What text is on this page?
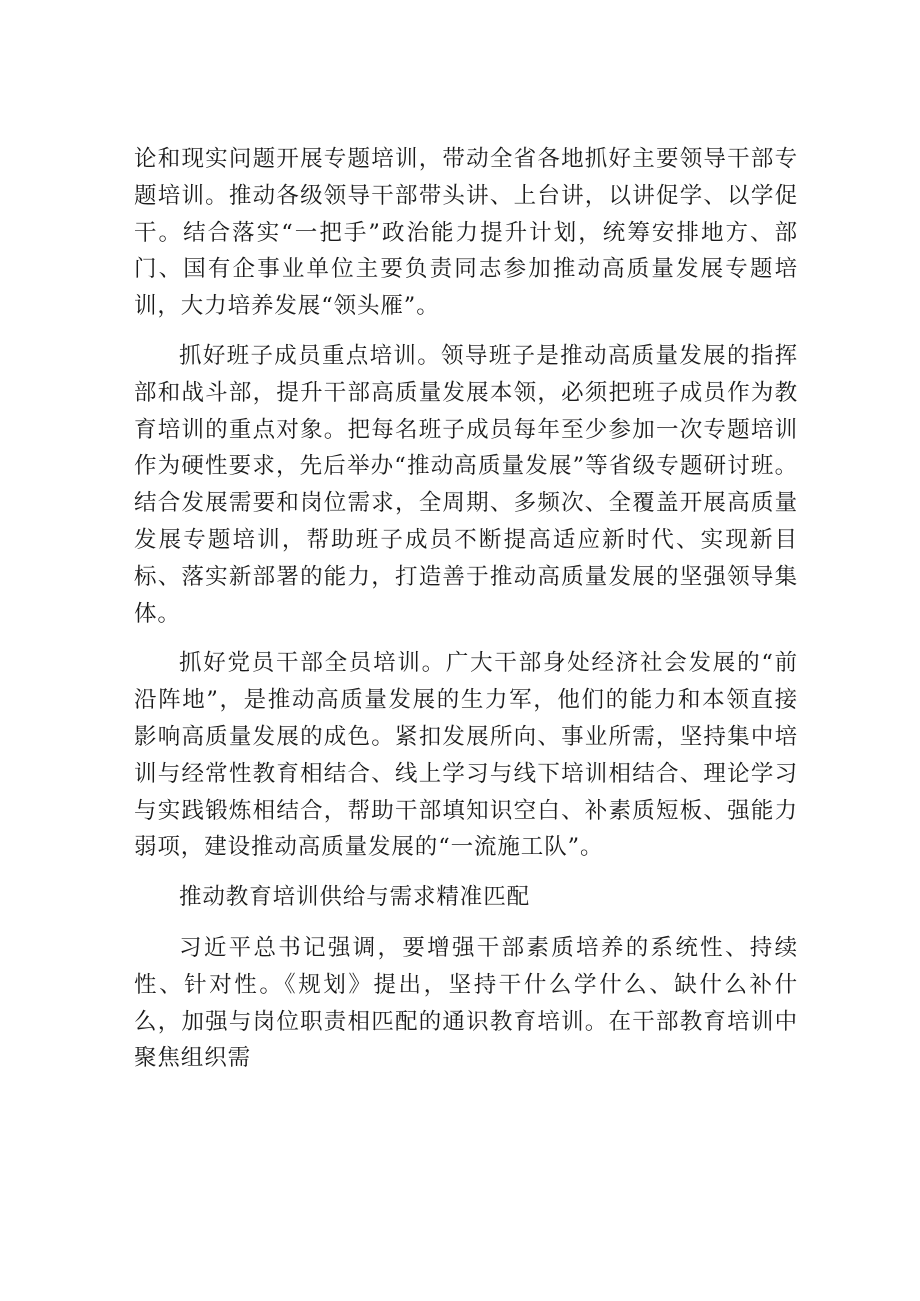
论和现实问题开展专题培训，带动全省各地抓好主要领导干部专题培训。推动各级领导干部带头讲、上台讲，以讲促学、以学促干。结合落实“一把手”政治能力提升计划，统筹安排地方、部门、国有企事业单位主要负责同志参加推动高质量发展专题培训，大力培养发展“领头雁”。

抓好班子成员重点培训。领导班子是推动高质量发展的指挥部和战斗部，提升干部高质量发展本领，必须把班子成员作为教育培训的重点对象。把每名班子成员每年至少参加一次专题培训作为硬性要求，先后举办“推动高质量发展”等省级专题研讨班。结合发展需要和岗位需求，全周期、多频次、全覆盖开展高质量发展专题培训，帮助班子成员不断提高适应新时代、实现新目标、落实新部署的能力，打造善于推动高质量发展的坚强领导集体。

抓好党员干部全员培训。广大干部身处经济社会发展的“前沿阵地”，是推动高质量发展的生力军，他们的能力和本领直接影响高质量发展的成色。紧扣发展所向、事业所需，坚持集中培训与经常性教育相结合、线上学习与线下培训相结合、理论学习与实践锻炼相结合，帮助干部填知识空白、补素质短板、强能力弱项，建设推动高质量发展的“一流施工队”。

推动教育培训供给与需求精准匹配

习近平总书记强调，要增强干部素质培养的系统性、持续性、针对性。《规划》提出，坚持干什么学什么、缺什么补什么，加强与岗位职责相匹配的通识教育培训。在干部教育培训中聚焦组织需
